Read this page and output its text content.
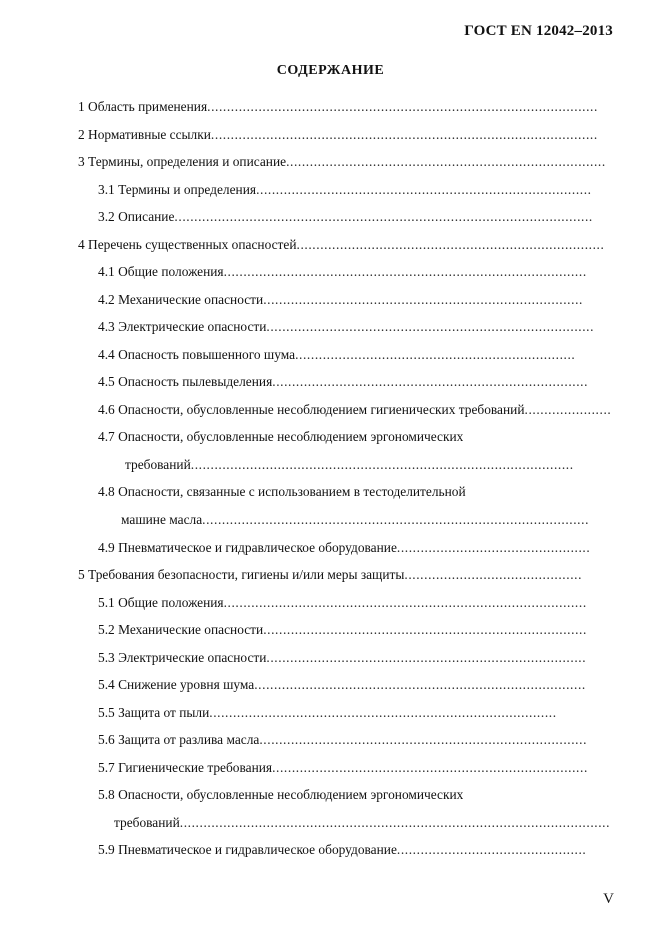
ГОСТ EN 12042–2013
СОДЕРЖАНИЕ
1 Область применения...................................................................................................
2 Нормативные ссылки..................................................................................................
3 Термины, определения и описание.................................................................................
3.1 Термины и определения.....................................................................................
3.2 Описание..........................................................................................................
4 Перечень существенных опасностей..............................................................................
4.1 Общие положения............................................................................................
4.2 Механические опасности.................................................................................
4.3 Электрические опасности...................................................................................
4.4 Опасность повышенного шума.......................................................................
4.5 Опасность пылевыделения................................................................................
4.6 Опасности, обусловленные несоблюдением гигиенических требований......................
4.7 Опасности, обусловленные несоблюдением эргономических
требований.................................................................................................
4.8 Опасности, связанные с использованием в тестоделительной
машине масла..................................................................................................
4.9 Пневматическое и гидравлическое оборудование.................................................
5 Требования безопасности, гигиены и/или меры защиты.............................................
5.1 Общие положения............................................................................................
5.2 Механические опасности..................................................................................
5.3 Электрические опасности.................................................................................
5.4 Снижение уровня шума....................................................................................
5.5 Защита от пыли........................................................................................
5.6 Защита от разлива масла...................................................................................
5.7 Гигиенические требования................................................................................
5.8 Опасности, обусловленные несоблюдением эргономических
требований.............................................................................................................
5.9 Пневматическое и гидравлическое оборудование................................................
V
